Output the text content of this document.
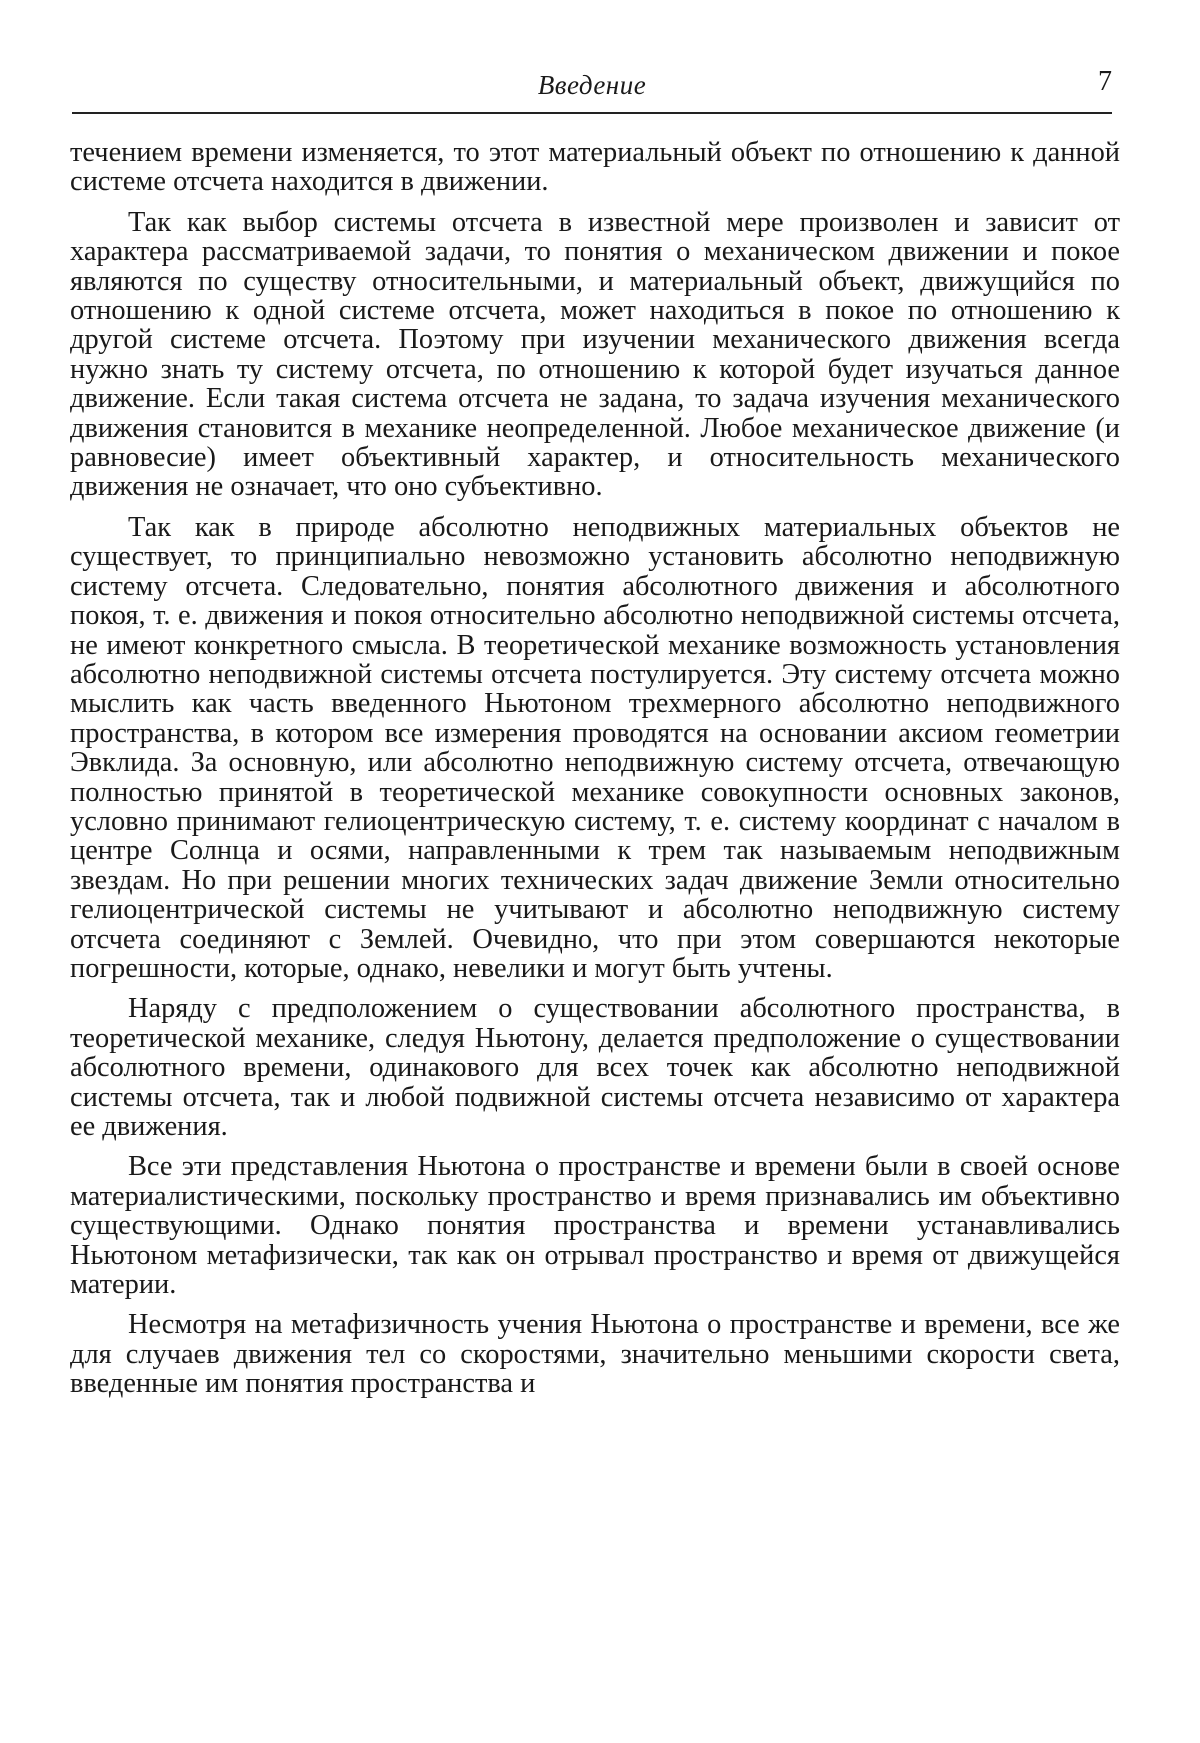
Введение	7

течением времени изменяется, то этот материальный объект по отношению к данной системе отсчета находится в движении.

Так как выбор системы отсчета в известной мере произволен и зависит от характера рассматриваемой задачи, то понятия о механическом движении и покое являются по существу относительными, и материальный объект, движущийся по отношению к одной системе отсчета, может находиться в покое по отношению к другой системе отсчета. Поэтому при изучении механического движения всегда нужно знать ту систему отсчета, по отношению к которой будет изучаться данное движение. Если такая система отсчета не задана, то задача изучения механического движения становится в механике неопределенной. Любое механическое движение (и равновесие) имеет объективный характер, и относительность механического движения не означает, что оно субъективно.

Так как в природе абсолютно неподвижных материальных объектов не существует, то принципиально невозможно установить абсолютно неподвижную систему отсчета. Следовательно, понятия абсолютного движения и абсолютного покоя, т. е. движения и покоя относительно абсолютно неподвижной системы отсчета, не имеют конкретного смысла. В теоретической механике возможность установления абсолютно неподвижной системы отсчета постулируется. Эту систему отсчета можно мыслить как часть введенного Ньютоном трехмерного абсолютно неподвижного пространства, в котором все измерения проводятся на основании аксиом геометрии Эвклида. За основную, или абсолютно неподвижную систему отсчета, отвечающую полностью принятой в теоретической механике совокупности основных законов, условно принимают гелиоцентрическую систему, т. е. систему координат с началом в центре Солнца и осями, направленными к трем так называемым неподвижным звездам. Но при решении многих технических задач движение Земли относительно гелиоцентрической системы не учитывают и абсолютно неподвижную систему отсчета соединяют с Землей. Очевидно, что при этом совершаются некоторые погрешности, которые, однако, невелики и могут быть учтены.

Наряду с предположением о существовании абсолютного пространства, в теоретической механике, следуя Ньютону, делается предположение о существовании абсолютного времени, одинакового для всех точек как абсолютно неподвижной системы отсчета, так и любой подвижной системы отсчета независимо от характера ее движения.

Все эти представления Ньютона о пространстве и времени были в своей основе материалистическими, поскольку пространство и время признавались им объективно существующими. Однако понятия пространства и времени устанавливались Ньютоном метафизически, так как он отрывал пространство и время от движущейся материи.

Несмотря на метафизичность учения Ньютона о пространстве и времени, все же для случаев движения тел со скоростями, значительно меньшими скорости света, введенные им понятия пространства и
